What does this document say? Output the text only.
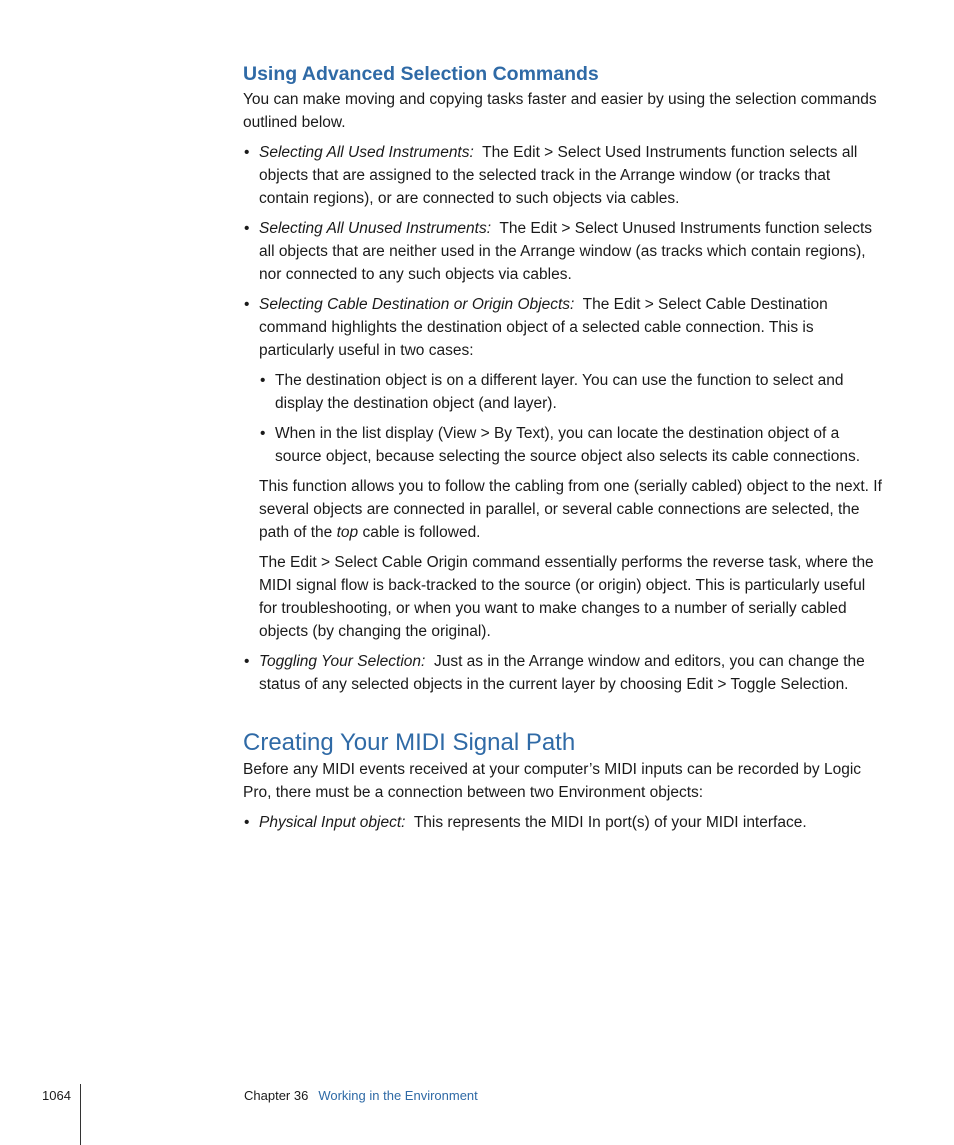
Using Advanced Selection Commands

You can make moving and copying tasks faster and easier by using the selection commands outlined below.

• Selecting All Used Instruments: The Edit > Select Used Instruments function selects all objects that are assigned to the selected track in the Arrange window (or tracks that contain regions), or are connected to such objects via cables.
• Selecting All Unused Instruments: The Edit > Select Unused Instruments function selects all objects that are neither used in the Arrange window (as tracks which contain regions), nor connected to any such objects via cables.
• Selecting Cable Destination or Origin Objects: The Edit > Select Cable Destination command highlights the destination object of a selected cable connection. This is particularly useful in two cases:
• The destination object is on a different layer. You can use the function to select and display the destination object (and layer).
• When in the list display (View > By Text), you can locate the destination object of a source object, because selecting the source object also selects its cable connections.

This function allows you to follow the cabling from one (serially cabled) object to the next. If several objects are connected in parallel, or several cable connections are selected, the path of the top cable is followed.

The Edit > Select Cable Origin command essentially performs the reverse task, where the MIDI signal flow is back-tracked to the source (or origin) object. This is particularly useful for troubleshooting, or when you want to make changes to a number of serially cabled objects (by changing the original).

• Toggling Your Selection: Just as in the Arrange window and editors, you can change the status of any selected objects in the current layer by choosing Edit > Toggle Selection.
Creating Your MIDI Signal Path

Before any MIDI events received at your computer’s MIDI inputs can be recorded by Logic Pro, there must be a connection between two Environment objects:

• Physical Input object: This represents the MIDI In port(s) of your MIDI interface.
1064	Chapter 36 Working in the Environment
